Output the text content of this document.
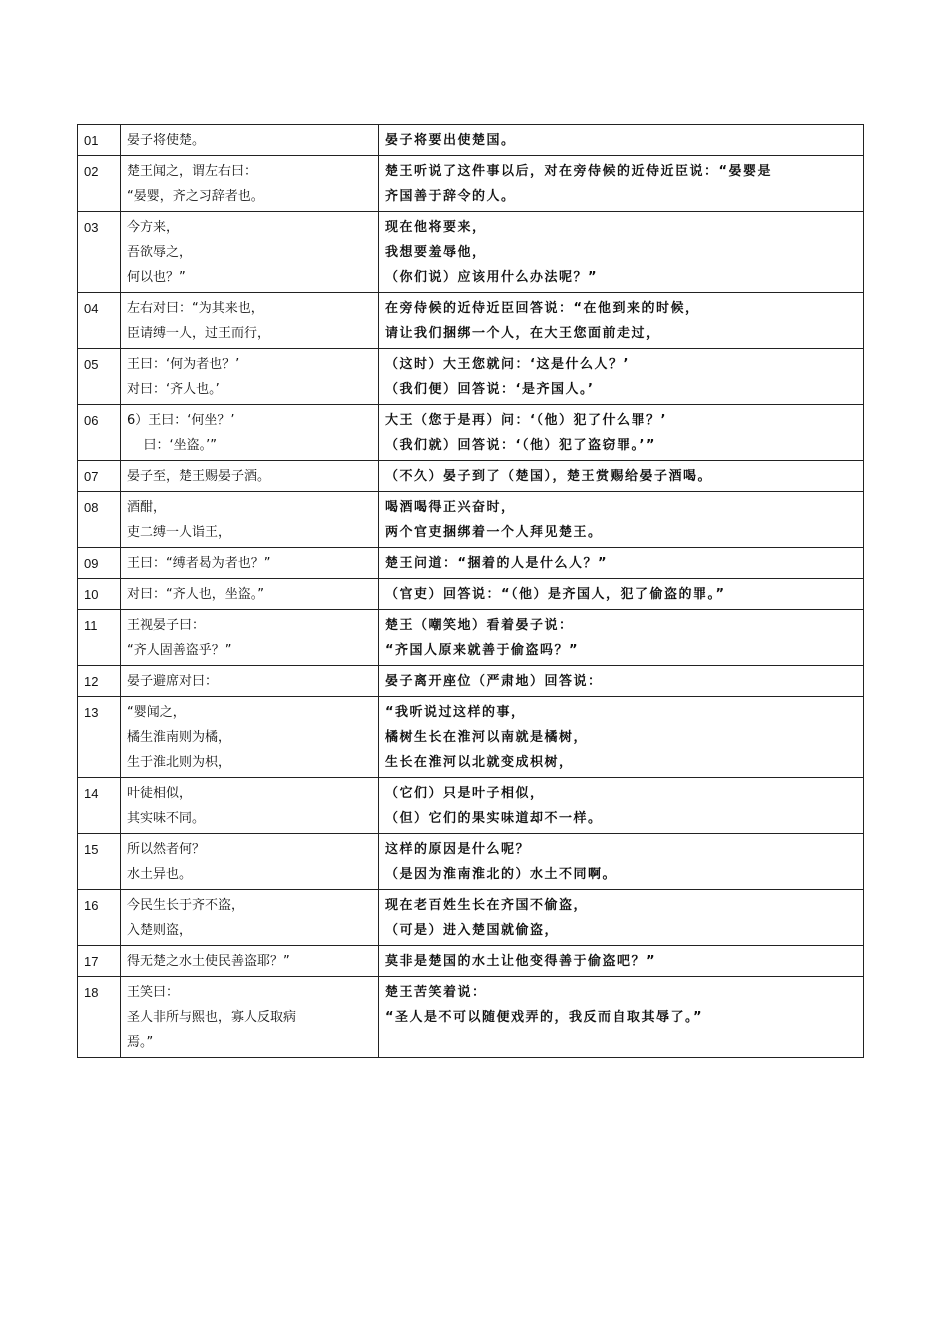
01	晏子将使楚。	晏子将要出使楚国。

02	楚王闻之，谓左右曰：
“晏婴，齐之习辞者也。	楚王听说了这件事以后，对在旁侍候的近侍近臣说：“晏婴是
齐国善于辞令的人。

03	今方来，
吾欲辱之，
何以也？”	现在他将要来，
我想要羞辱他，
（你们说）应该用什么办法呢？”

04	左右对曰：“为其来也，
臣请缚一人，过王而行，	在旁侍候的近侍近臣回答说：“在他到来的时候，
请让我们捆绑一个人，在大王您面前走过，

05	王曰：‘何为者也？’
对曰：‘齐人也。’	（这时）大王您就问：‘这是什么人？’
（我们便）回答说：‘是齐国人。’

06	6）王曰：‘何坐？’
曰：‘坐盗。’”	大王（您于是再）问：‘（他）犯了什么罪？’
（我们就）回答说：‘（他）犯了盗窃罪。’”

07	晏子至，楚王赐晏子酒。	（不久）晏子到了（楚国），楚王赏赐给晏子酒喝。

08	酒酣，
吏二缚一人诣王，	喝酒喝得正兴奋时，
两个官吏捆绑着一个人拜见楚王。

09	王曰：“缚者曷为者也？”	楚王问道：“捆着的人是什么人？”

10	对曰：“齐人也，坐盗。”	（官吏）回答说：“（他）是齐国人，犯了偷盗的罪。”

11	王视晏子曰：
“齐人固善盗乎？”	楚王（嘲笑地）看着晏子说：
“齐国人原来就善于偷盗吗？”

12	晏子避席对曰：	晏子离开座位（严肃地）回答说：

13	“婴闻之，
橘生淮南则为橘，
生于淮北则为枳，	“我听说过这样的事，
橘树生长在淮河以南就是橘树，
生长在淮河以北就变成枳树，

14	叶徒相似，
其实味不同。	（它们）只是叶子相似，
（但）它们的果实味道却不一样。

15	所以然者何？
水土异也。	这样的原因是什么呢？
（是因为淮南淮北的）水土不同啊。

16	今民生长于齐不盗，
入楚则盗，	现在老百姓生长在齐国不偷盗，
（可是）进入楚国就偷盗，

17	得无楚之水土使民善盗耶？”	莫非是楚国的水土让他变得善于偷盗吧？”

18	王笑曰：
圣人非所与熙也，寡人反取病
焉。”	楚王苦笑着说：
“圣人是不可以随便戏弄的，我反而自取其辱了。”
